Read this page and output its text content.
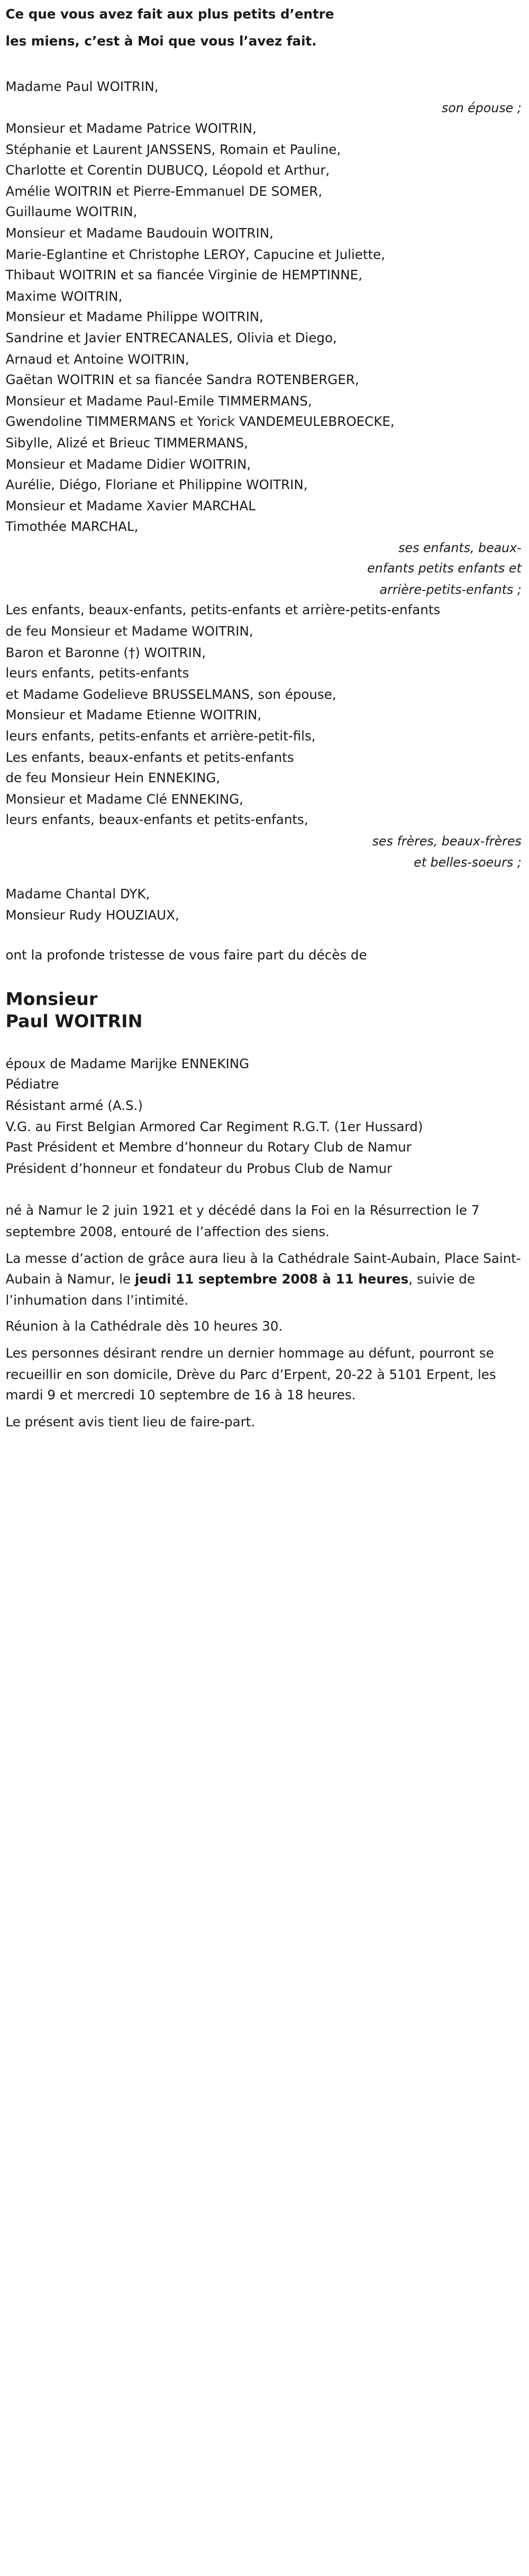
Ce que vous avez fait aux plus petits d’entre
les miens, c’est à Moi que vous l’avez fait.
Madame Paul WOITRIN,
son épouse ;
Monsieur et Madame Patrice WOITRIN,
Stéphanie et Laurent JANSSENS, Romain et Pauline,
Charlotte et Corentin DUBUCQ, Léopold et Arthur,
Amélie WOITRIN et Pierre-Emmanuel DE SOMER,
Guillaume WOITRIN,
Monsieur et Madame Baudouin WOITRIN,
Marie-Eglantine et Christophe LEROY, Capucine et Juliette,
Thibaut WOITRIN et sa fiancée Virginie de HEMPTINNE,
Maxime WOITRIN,
Monsieur et Madame Philippe WOITRIN,
Sandrine et Javier ENTRECANALES, Olivia et Diego,
Arnaud et Antoine WOITRIN,
Gaëtan WOITRIN et sa fiancée Sandra ROTENBERGER,
Monsieur et Madame Paul-Emile TIMMERMANS,
Gwendoline TIMMERMANS et Yorick VANDEMEULEBROECKE,
Sibylle, Alizé et Brieuc TIMMERMANS,
Monsieur et Madame Didier WOITRIN,
Aurélie, Diégo, Floriane et Philippine WOITRIN,
Monsieur et Madame Xavier MARCHAL
Timothée MARCHAL,
ses enfants, beaux-enfants petits enfants et arrière-petits-enfants ;
Les enfants, beaux-enfants, petits-enfants et arrière-petits-enfants
de feu Monsieur et Madame WOITRIN,
Baron et Baronne (†) WOITRIN,
leurs enfants, petits-enfants
et Madame Godelieve BRUSSELMANS, son épouse,
Monsieur et Madame Etienne WOITRIN,
leurs enfants, petits-enfants et arrière-petit-fils,
Les enfants, beaux-enfants et petits-enfants
de feu Monsieur Hein ENNEKING,
Monsieur et Madame Clé ENNEKING,
leurs enfants, beaux-enfants et petits-enfants,
ses frères, beaux-frères et belles-soeurs ;
Madame Chantal DYK,
Monsieur Rudy HOUZIAUX,
ont la profonde tristesse de vous faire part du décès de
Monsieur
Paul WOITRIN
époux de Madame Marijke ENNEKING
Pédiatre
Résistant armé (A.S.)
V.G. au First Belgian Armored Car Regiment R.G.T. (1er Hussard)
Past Président et Membre d’honneur du Rotary Club de Namur
Président d’honneur et fondateur du Probus Club de Namur
né à Namur le 2 juin 1921 et y décédé dans la Foi en la Résurrection le 7 septembre 2008, entouré de l’affection des siens.
La messe d’action de grâce aura lieu à la Cathédrale Saint-Aubain, Place Saint-Aubain à Namur, le jeudi 11 septembre 2008 à 11 heures, suivie de l’inhumation dans l’intimité.
Réunion à la Cathédrale dès 10 heures 30.
Les personnes désirant rendre un dernier hommage au défunt, pourront se recueillir en son domicile, Drève du Parc d’Erpent, 20-22 à 5101 Erpent, les mardi 9 et mercredi 10 septembre de 16 à 18 heures.
Le présent avis tient lieu de faire-part.
